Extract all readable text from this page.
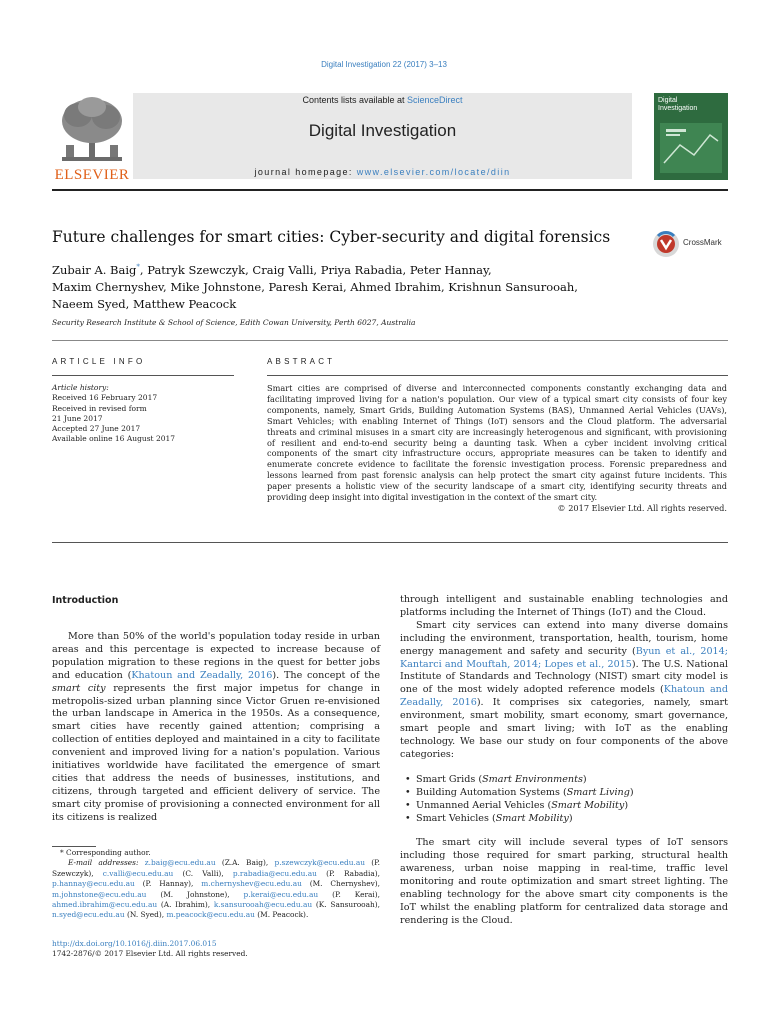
Digital Investigation 22 (2017) 3–13
ELSEVIER
Contents lists available at ScienceDirect
Digital Investigation
journal homepage: www.elsevier.com/locate/diin
Digital
Investigation
Future challenges for smart cities: Cyber-security and digital forensics	CrossMark
Zubair A. Baig*, Patryk Szewczyk, Craig Valli, Priya Rabadia, Peter Hannay,
Maxim Chernyshev, Mike Johnstone, Paresh Kerai, Ahmed Ibrahim, Krishnun Sansurooah,
Naeem Syed, Matthew Peacock
Security Research Institute & School of Science, Edith Cowan University, Perth 6027, Australia
ARTICLE INFO	ABSTRACT
Article history:
Received 16 February 2017
Received in revised form
21 June 2017
Accepted 27 June 2017
Available online 16 August 2017
Smart cities are comprised of diverse and interconnected components constantly exchanging data and facilitating improved living for a nation's population. Our view of a typical smart city consists of four key components, namely, Smart Grids, Building Automation Systems (BAS), Unmanned Aerial Vehicles (UAVs), Smart Vehicles; with enabling Internet of Things (IoT) sensors and the Cloud platform. The adversarial threats and criminal misuses in a smart city are increasingly heterogenous and significant, with provisioning of resilient and end-to-end security being a daunting task. When a cyber incident involving critical components of the smart city infrastructure occurs, appropriate measures can be taken to identify and enumerate concrete evidence to facilitate the forensic investigation process. Forensic preparedness and lessons learned from past forensic analysis can help protect the smart city against future incidents. This paper presents a holistic view of the security landscape of a smart city, identifying security threats and providing deep insight into digital investigation in the context of the smart city.
© 2017 Elsevier Ltd. All rights reserved.
Introduction

More than 50% of the world's population today reside in urban areas and this percentage is expected to increase because of population migration to these regions in the quest for better jobs and education (Khatoun and Zeadally, 2016). The concept of the smart city represents the first major impetus for change in metropolis-sized urban planning since Victor Gruen re-envisioned the urban landscape in America in the 1950s. As a consequence, smart cities have recently gained attention; comprising a collection of entities deployed and maintained in a city to facilitate convenient and improved living for a nation's population. Various initiatives worldwide have facilitated the emergence of smart cities that address the needs of businesses, institutions, and citizens, through targeted and efficient delivery of service. The smart city promise of provisioning a connected environment for all its citizens is realized

through intelligent and sustainable enabling technologies and platforms including the Internet of Things (IoT) and the Cloud.

Smart city services can extend into many diverse domains including the environment, transportation, health, tourism, home energy management and safety and security (Byun et al., 2014; Kantarci and Mouftah, 2014; Lopes et al., 2015). The U.S. National Institute of Standards and Technology (NIST) smart city model is one of the most widely adopted reference models (Khatoun and Zeadally, 2016). It comprises six categories, namely, smart environment, smart mobility, smart economy, smart governance, smart people and smart living; with IoT as the enabling technology. We base our study on four components of the above categories:

• Smart Grids (Smart Environments)
• Building Automation Systems (Smart Living)
• Unmanned Aerial Vehicles (Smart Mobility)
• Smart Vehicles (Smart Mobility)

The smart city will include several types of IoT sensors including those required for smart parking, structural health awareness, urban noise mapping in real-time, traffic level monitoring and route optimization and smart street lighting. The enabling technology for the above smart city components is the IoT whilst the enabling platform for centralized data storage and rendering is the Cloud.

* Corresponding author.

E-mail addresses: z.baig@ecu.edu.au (Z.A. Baig), p.szewczyk@ecu.edu.au (P. Szewczyk), c.valli@ecu.edu.au (C. Valli), p.rabadia@ecu.edu.au (P. Rabadia), p.hannay@ecu.edu.au (P. Hannay), m.chernyshev@ecu.edu.au (M. Chernyshev), m.johnstone@ecu.edu.au (M. Johnstone), p.kerai@ecu.edu.au (P. Kerai), ahmed.ibrahim@ecu.edu.au (A. Ibrahim), k.sansurooah@ecu.edu.au (K. Sansurooah), n.syed@ecu.edu.au (N. Syed), m.peacock@ecu.edu.au (M. Peacock).

http://dx.doi.org/10.1016/j.diin.2017.06.015
1742-2876/© 2017 Elsevier Ltd. All rights reserved.
